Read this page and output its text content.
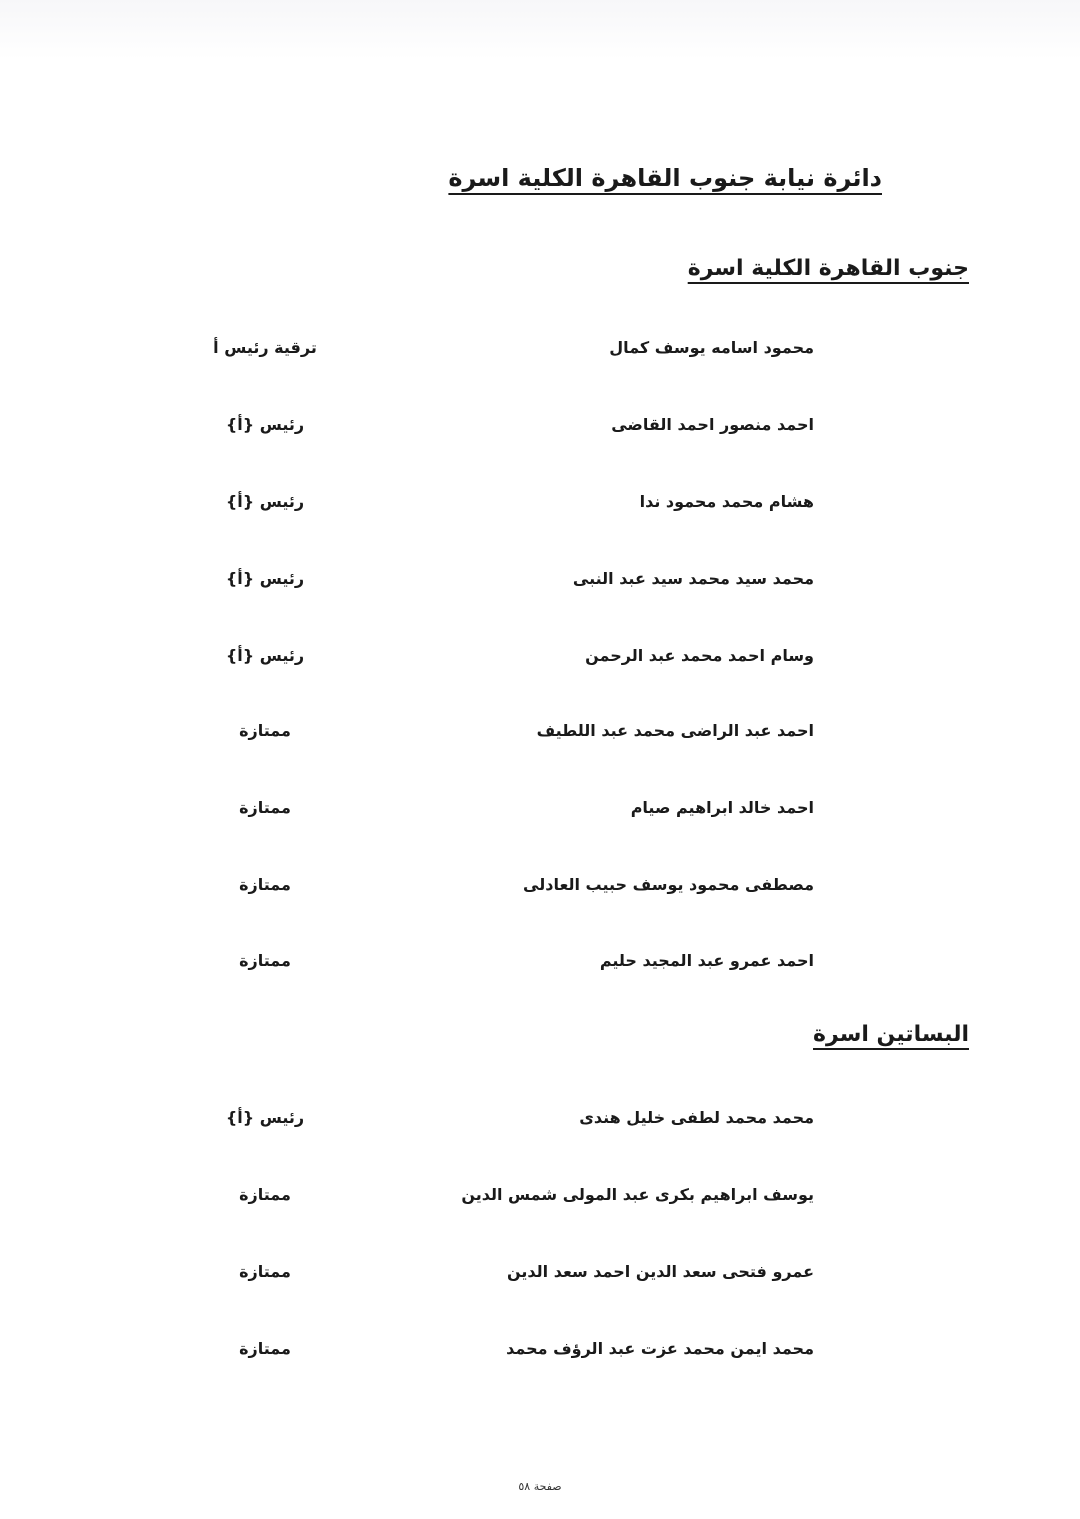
دائرة نيابة جنوب القاهرة الكلية اسرة
جنوب القاهرة الكلية اسرة
محمود اسامه يوسف كمال
ترقية رئيس أ
احمد منصور احمد القاضى
رئيس {أ}
هشام محمد محمود ندا
رئيس {أ}
محمد سيد محمد سيد عبد النبى
رئيس {أ}
وسام احمد محمد عبد الرحمن
رئيس {أ}
احمد عبد الراضى محمد عبد اللطيف
ممتازة
احمد خالد ابراهيم صيام
ممتازة
مصطفى محمود يوسف حبيب العادلى
ممتازة
احمد عمرو عبد المجيد حليم
ممتازة
البساتين اسرة
محمد محمد لطفى خليل هندى
رئيس {أ}
يوسف ابراهيم بكرى عبد المولى شمس الدين
ممتازة
عمرو فتحى سعد الدين احمد سعد الدين
ممتازة
محمد ايمن محمد عزت عبد الرؤف محمد
ممتازة
صفحة ٥٨
